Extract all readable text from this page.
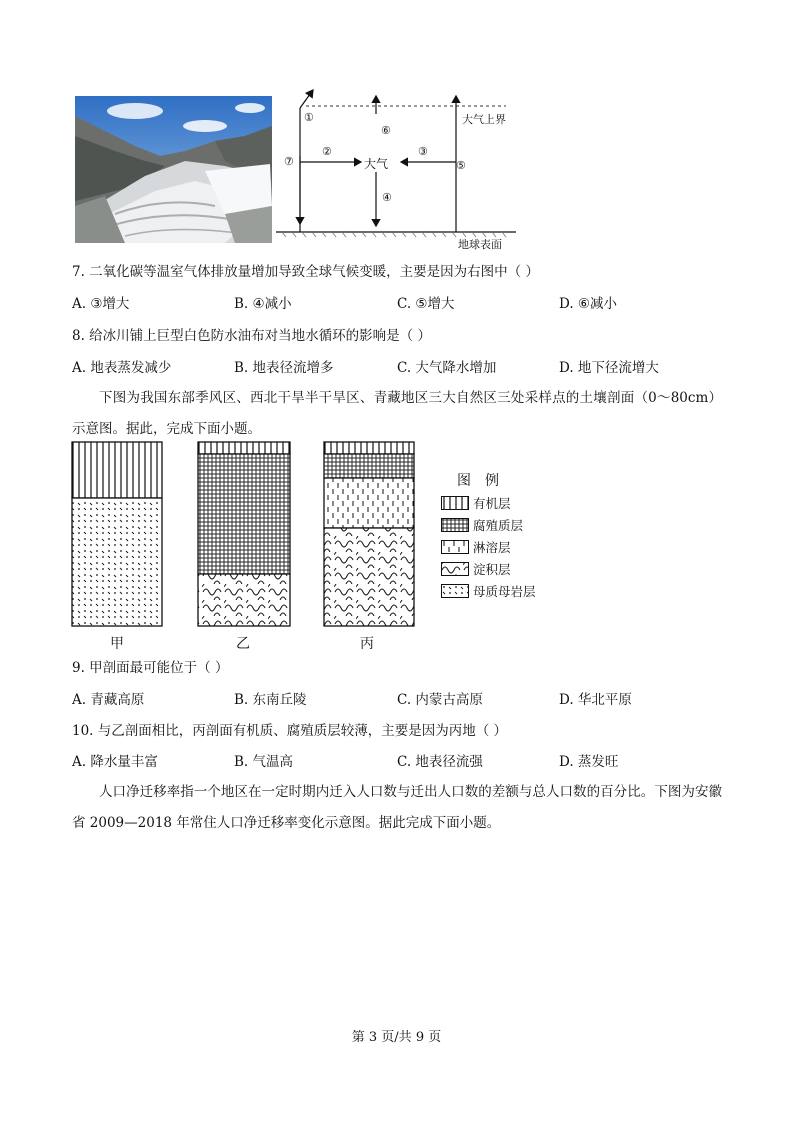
①
⑥
⑦
②
大气
③
⑤
④
大气上界
地球表面
7. 二氧化碳等温室气体排放量增加导致全球气候变暖，主要是因为右图中（ ）
A. ③增大	B. ④减小	C. ⑤增大	D. ⑥减小
8. 给冰川铺上巨型白色防水油布对当地水循环的影响是（ ）
A. 地表蒸发减少	B. 地表径流增多	C. 大气降水增加	D. 地下径流增大
下图为我国东部季风区、西北干旱半干旱区、青藏地区三大自然区三处采样点的土壤剖面（0～80cm）示意图。据此，完成下面小题。
甲	乙	丙
图例
有机层
腐殖质层
淋溶层
淀积层
母质母岩层
9. 甲剖面最可能位于（ ）
A. 青藏高原	B. 东南丘陵	C. 内蒙古高原	D. 华北平原
10. 与乙剖面相比，丙剖面有机质、腐殖质层较薄，主要是因为丙地（ ）
A. 降水量丰富	B. 气温高	C. 地表径流强	D. 蒸发旺
人口净迁移率指一个地区在一定时期内迁入人口数与迁出人口数的差额与总人口数的百分比。下图为安徽省 2009—2018 年常住人口净迁移率变化示意图。据此完成下面小题。
第 3 页/共 9 页
